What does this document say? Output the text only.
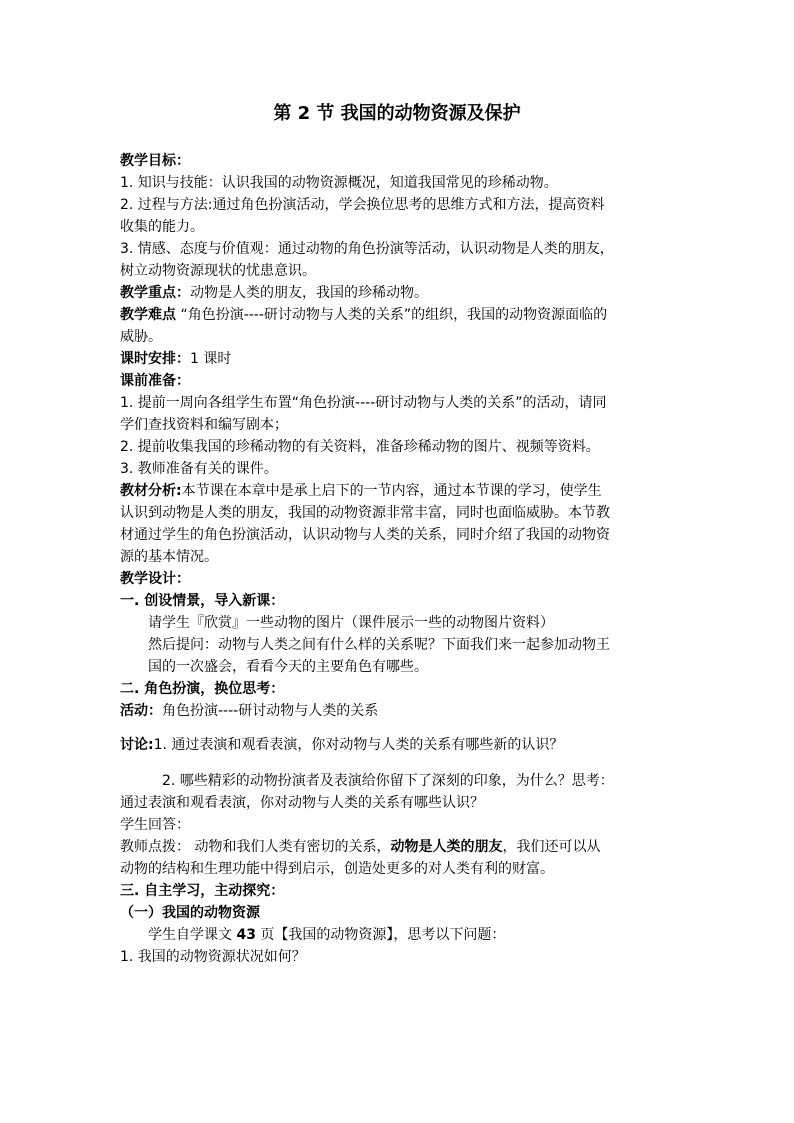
第 2 节 我国的动物资源及保护

教学目标：

1. 知识与技能：认识我国的动物资源概况，知道我国常见的珍稀动物。

2. 过程与方法:通过角色扮演活动，学会换位思考的思维方式和方法，提高资料

收集的能力。

3. 情感、态度与价值观：通过动物的角色扮演等活动，认识动物是人类的朋友，

树立动物资源现状的忧患意识。

教学重点：动物是人类的朋友，我国的珍稀动物。

教学难点 “角色扮演----研讨动物与人类的关系”的组织，我国的动物资源面临的

威胁。

课时安排：1 课时

课前准备：

1. 提前一周向各组学生布置“角色扮演----研讨动物与人类的关系”的活动，请同

学们查找资料和编写剧本；

2. 提前收集我国的珍稀动物的有关资料，准备珍稀动物的图片、视频等资料。

3. 教师准备有关的课件。

教材分析:本节课在本章中是承上启下的一节内容，通过本节课的学习，使学生

认识到动物是人类的朋友，我国的动物资源非常丰富，同时也面临威胁。本节教

材通过学生的角色扮演活动，认识动物与人类的关系，同时介绍了我国的动物资

源的基本情况。

教学设计：

一. 创设情景，导入新课：

请学生『欣赏』一些动物的图片（课件展示一些的动物图片资料）

然后提问：动物与人类之间有什么样的关系呢？下面我们来一起参加动物王

国的一次盛会，看看今天的主要角色有哪些。

二. 角色扮演，换位思考：

活动：角色扮演----研讨动物与人类的关系

讨论:1. 通过表演和观看表演，你对动物与人类的关系有哪些新的认识？

2. 哪些精彩的动物扮演者及表演给你留下了深刻的印象，为什么？思考：

通过表演和观看表演，你对动物与人类的关系有哪些认识？

学生回答：

教师点拨： 动物和我们人类有密切的关系，动物是人类的朋友，我们还可以从

动物的结构和生理功能中得到启示，创造处更多的对人类有利的财富。

三. 自主学习，主动探究：

（一）我国的动物资源

学生自学课文 43 页【我国的动物资源】，思考以下问题：

1. 我国的动物资源状况如何？
